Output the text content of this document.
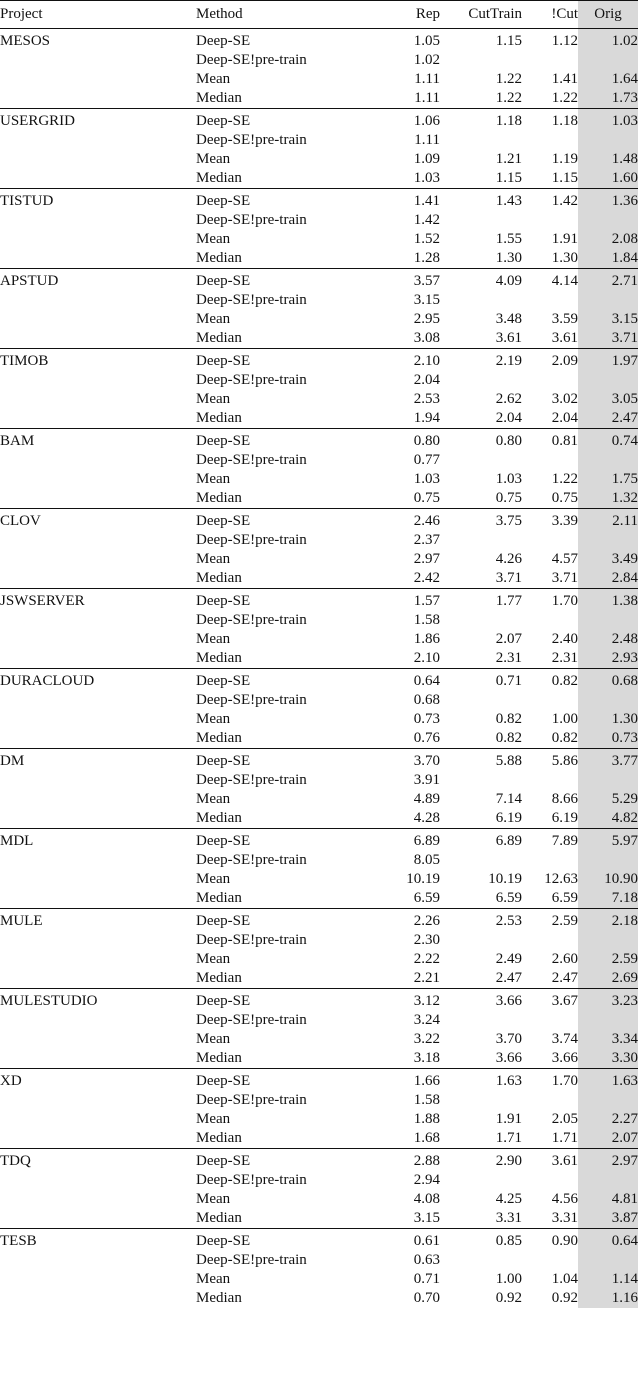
Project	Method	Rep	CutTrain	!Cut	Orig
MESOS	Deep-SE	1.05	1.15	1.12	1.02
	Deep-SE!pre-train	1.02			
	Mean	1.11	1.22	1.41	1.64
	Median	1.11	1.22	1.22	1.73
USERGRID	Deep-SE	1.06	1.18	1.18	1.03
	Deep-SE!pre-train	1.11			
	Mean	1.09	1.21	1.19	1.48
	Median	1.03	1.15	1.15	1.60
TISTUD	Deep-SE	1.41	1.43	1.42	1.36
	Deep-SE!pre-train	1.42			
	Mean	1.52	1.55	1.91	2.08
	Median	1.28	1.30	1.30	1.84
APSTUD	Deep-SE	3.57	4.09	4.14	2.71
	Deep-SE!pre-train	3.15			
	Mean	2.95	3.48	3.59	3.15
	Median	3.08	3.61	3.61	3.71
TIMOB	Deep-SE	2.10	2.19	2.09	1.97
	Deep-SE!pre-train	2.04			
	Mean	2.53	2.62	3.02	3.05
	Median	1.94	2.04	2.04	2.47
BAM	Deep-SE	0.80	0.80	0.81	0.74
	Deep-SE!pre-train	0.77			
	Mean	1.03	1.03	1.22	1.75
	Median	0.75	0.75	0.75	1.32
CLOV	Deep-SE	2.46	3.75	3.39	2.11
	Deep-SE!pre-train	2.37			
	Mean	2.97	4.26	4.57	3.49
	Median	2.42	3.71	3.71	2.84
JSWSERVER	Deep-SE	1.57	1.77	1.70	1.38
	Deep-SE!pre-train	1.58			
	Mean	1.86	2.07	2.40	2.48
	Median	2.10	2.31	2.31	2.93
DURACLOUD	Deep-SE	0.64	0.71	0.82	0.68
	Deep-SE!pre-train	0.68			
	Mean	0.73	0.82	1.00	1.30
	Median	0.76	0.82	0.82	0.73
DM	Deep-SE	3.70	5.88	5.86	3.77
	Deep-SE!pre-train	3.91			
	Mean	4.89	7.14	8.66	5.29
	Median	4.28	6.19	6.19	4.82
MDL	Deep-SE	6.89	6.89	7.89	5.97
	Deep-SE!pre-train	8.05			
	Mean	10.19	10.19	12.63	10.90
	Median	6.59	6.59	6.59	7.18
MULE	Deep-SE	2.26	2.53	2.59	2.18
	Deep-SE!pre-train	2.30			
	Mean	2.22	2.49	2.60	2.59
	Median	2.21	2.47	2.47	2.69
MULESTUDIO	Deep-SE	3.12	3.66	3.67	3.23
	Deep-SE!pre-train	3.24			
	Mean	3.22	3.70	3.74	3.34
	Median	3.18	3.66	3.66	3.30
XD	Deep-SE	1.66	1.63	1.70	1.63
	Deep-SE!pre-train	1.58			
	Mean	1.88	1.91	2.05	2.27
	Median	1.68	1.71	1.71	2.07
TDQ	Deep-SE	2.88	2.90	3.61	2.97
	Deep-SE!pre-train	2.94			
	Mean	4.08	4.25	4.56	4.81
	Median	3.15	3.31	3.31	3.87
TESB	Deep-SE	0.61	0.85	0.90	0.64
	Deep-SE!pre-train	0.63			
	Mean	0.71	1.00	1.04	1.14
	Median	0.70	0.92	0.92	1.16
